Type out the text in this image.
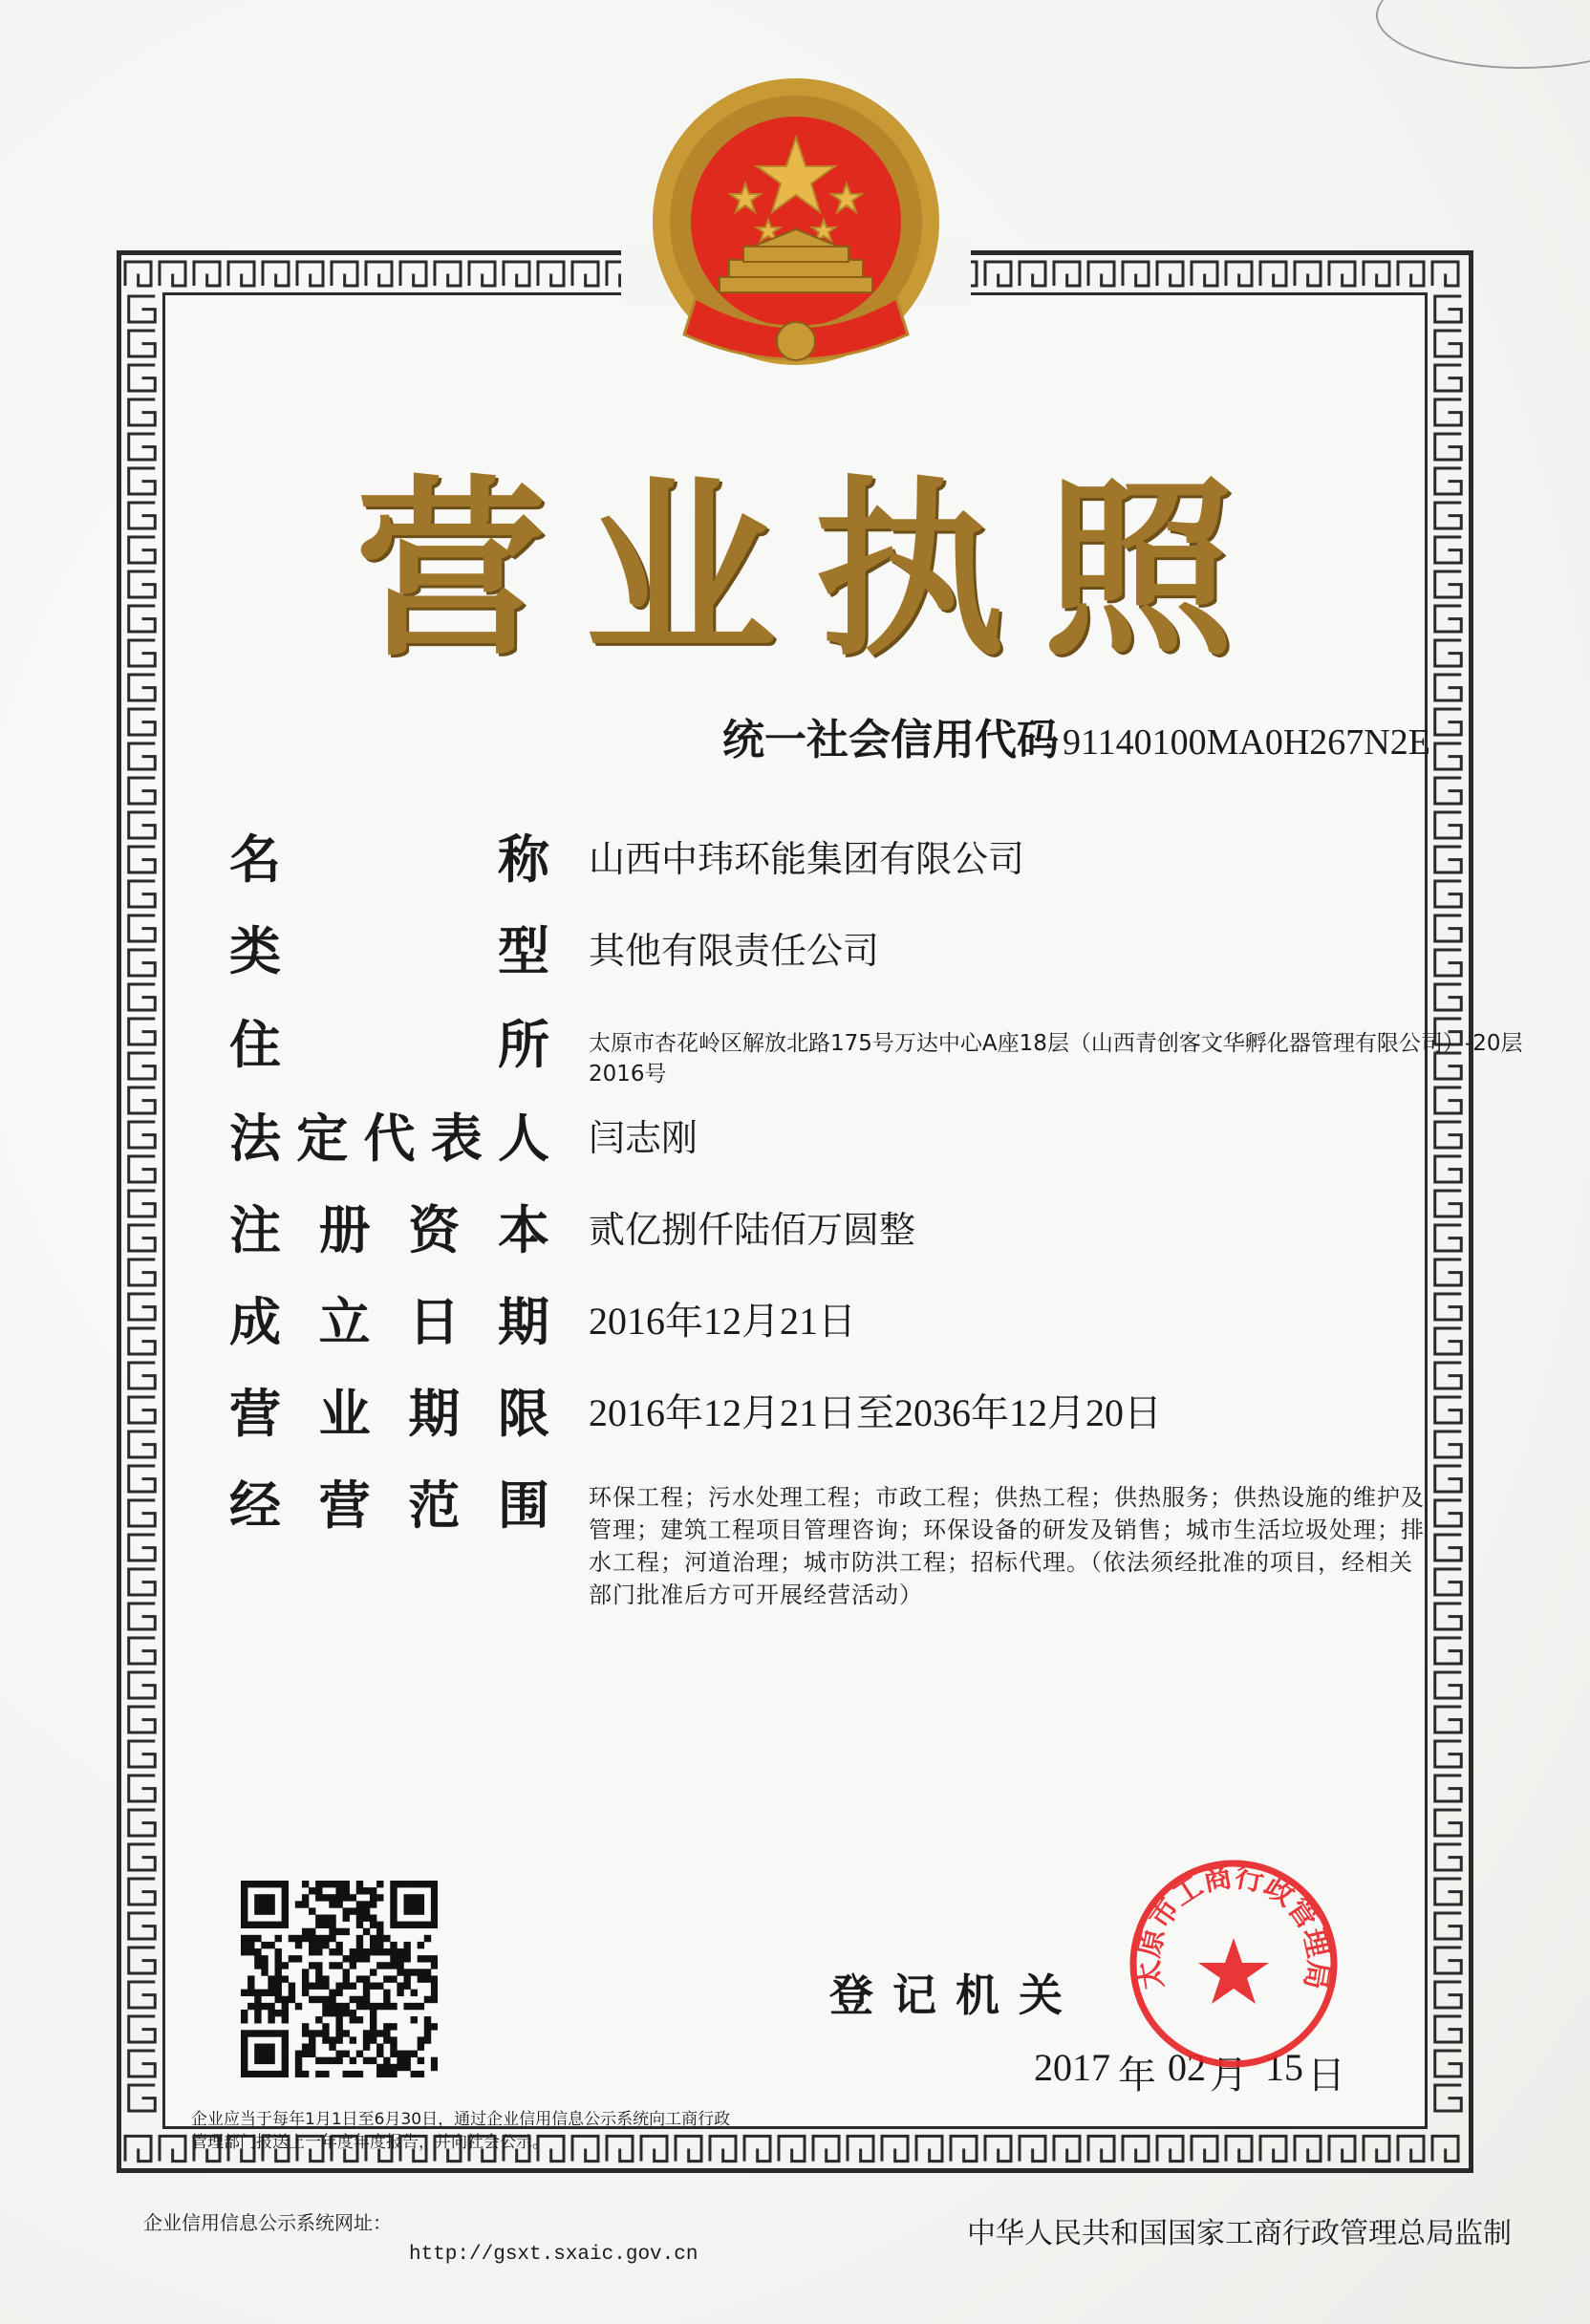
营 业 执 照
统一社会信用代码 91140100MA0H267N2E
名	称 山西中玮环能集团有限公司
类	型 其他有限责任公司
住	所 太原市杏花岭区解放北路175号万达中心A座18层（山西青创客文华孵化器管理有限公司）-20层2016号
法 定 代 表 人 闫志刚
注 册 资 本 贰亿捌仟陆佰万圆整
成 立 日 期 2016年12月21日
营 业 期 限 2016年12月21日至2036年12月20日
经 营 范 围 环保工程；污水处理工程；市政工程；供热工程；供热服务；供热设施的维护及管理；建筑工程项目管理咨询；环保设备的研发及销售；城市生活垃圾处理；排水工程；河道治理；城市防洪工程；招标代理。（依法须经批准的项目，经相关部门批准后方可开展经营活动）
登记机关
2017 年 02 月 15 日
太原市工商行政管理局
企业应当于每年1月1日至6月30日，通过企业信用信息公示系统向工商行政
管理部门报送上一年度年度报告，并向社会公示。
企业信用信息公示系统网址：
http://gsxt.sxaic.gov.cn
中华人民共和国国家工商行政管理总局监制
